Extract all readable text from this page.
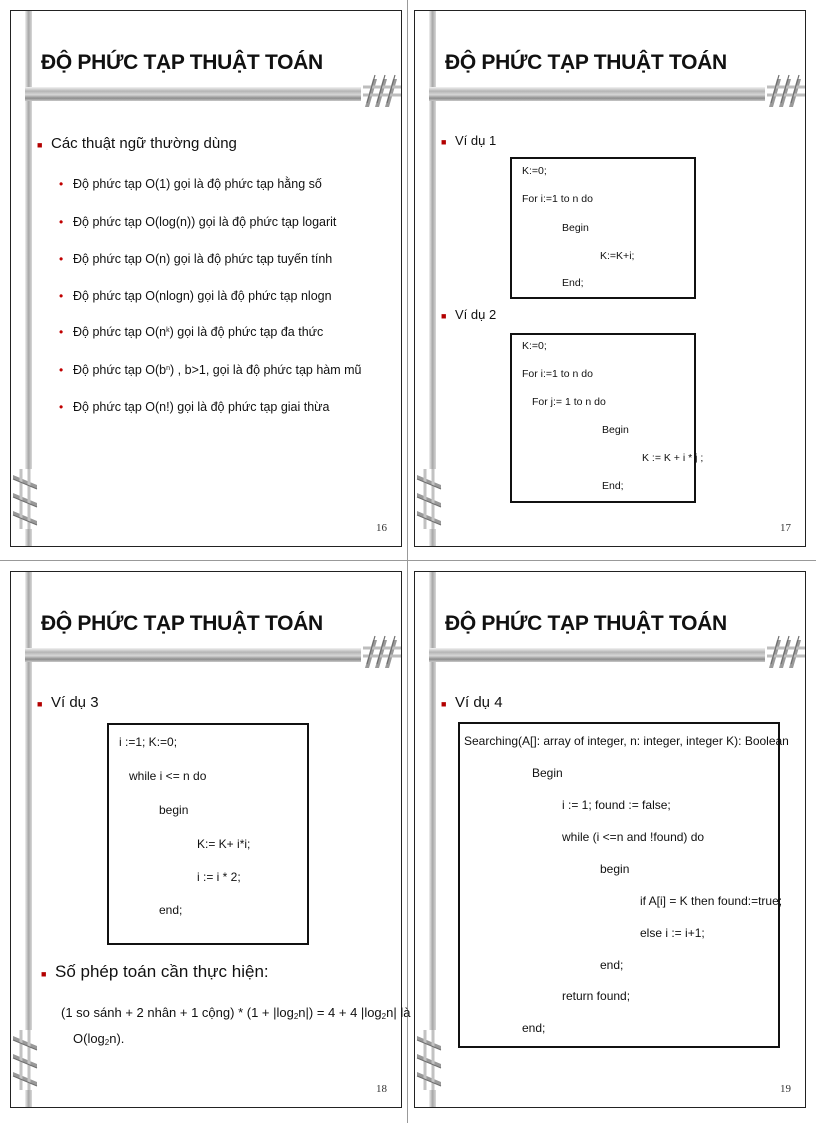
ĐỘ PHỨC TẠP THUẬT TOÁN
■ Các thuật ngữ thường dùng
• Độ phức tạp O(1) gọi là độ phức tạp hằng số
• Độ phức tạp O(log(n)) gọi là độ phức tạp logarit
• Độ phức tạp O(n) gọi là độ phức tạp tuyến tính
• Độ phức tạp O(nlogn) gọi là độ phức tạp nlogn
• Độ phức tạp $O(n^k)$ gọi là độ phức tạp đa thức
• Độ phức tạp $O(b^n)$ , b>1, gọi là độ phức tạp hàm mũ
• Độ phức tạp O(n!) gọi là độ phức tạp giai thừa
16
ĐỘ PHỨC TẠP THUẬT TOÁN
■ Ví dụ 1
K:=0;
For i:=1 to n do
Begin
K:=K+i;
End;
■ Ví dụ 2
K:=0;
For i:=1 to n do
For j:= 1 to n do
Begin
K := K + i * j ;
End;
17
ĐỘ PHỨC TẠP THUẬT TOÁN
■ Ví dụ 3
i :=1; K:=0;
while i <= n do
begin
K:= K+ i*i;
i := i * 2;
end;
■ Số phép toán cần thực hiện:
(1 so sánh + 2 nhân + 1 cộng) * $(1 + |\log_2n|) = 4 + 4$ $|\log_2n|$ là
$O(\log_2n)$.
18
ĐỘ PHỨC TẠP THUẬT TOÁN
■ Ví dụ 4
Searching(A[]: array of integer, n: integer, integer K): Boolean
Begin
i := 1; found := false;
while (i <=n and !found) do
begin
if A[i] = K then found:=true;
else i := i+1;
end;
return found;
end;
19
